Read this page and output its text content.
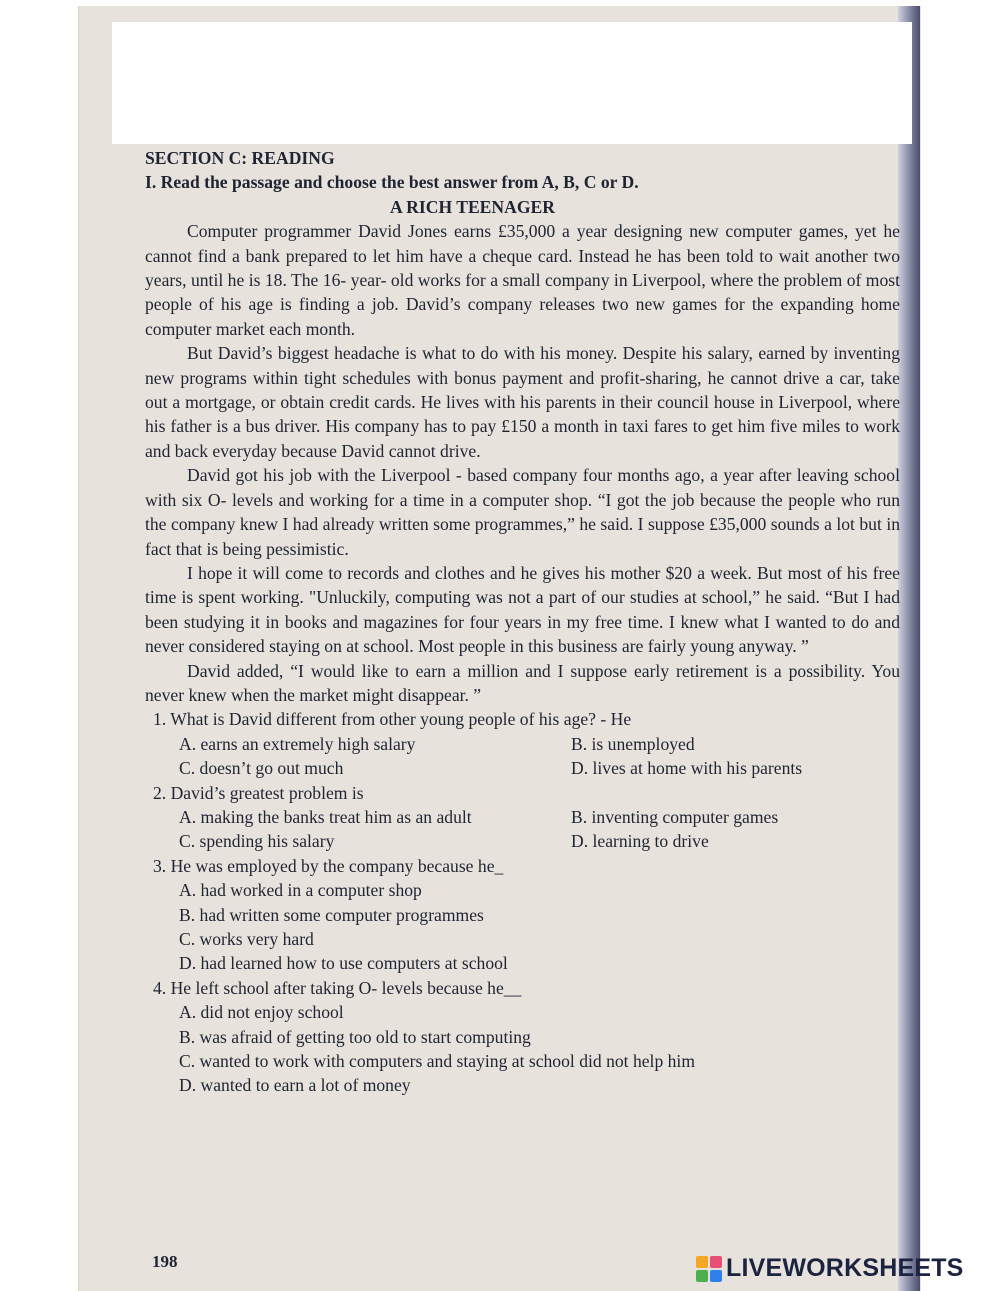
SECTION C: READING

I. Read the passage and choose the best answer from A, B, C or D.

A RICH TEENAGER

Computer programmer David Jones earns £35,000 a year designing new computer games, yet he cannot find a bank prepared to let him have a cheque card. Instead he has been told to wait another two years, until he is 18. The 16- year- old works for a small company in Liverpool, where the problem of most people of his age is finding a job. David’s company releases two new games for the expanding home computer market each month.

But David’s biggest headache is what to do with his money. Despite his salary, earned by inventing new programs within tight schedules with bonus payment and profit-sharing, he cannot drive a car, take out a mortgage, or obtain credit cards. He lives with his parents in their council house in Liverpool, where his father is a bus driver. His company has to pay £150 a month in taxi fares to get him five miles to work and back everyday because David cannot drive.

David got his job with the Liverpool - based company four months ago, a year after leaving school with six O- levels and working for a time in a computer shop. “I got the job because the people who run the company knew I had already written some programmes,” he said. I suppose £35,000 sounds a lot but in fact that is being pessimistic.

I hope it will come to records and clothes and he gives his mother $20 a week. But most of his free time is spent working. "Unluckily, computing was not a part of our studies at school,” he said. “But I had been studying it in books and magazines for four years in my free time. I knew what I wanted to do and never considered staying on at school. Most people in this business are fairly young anyway. ”

David added, “I would like to earn a million and I suppose early retirement is a possibility. You never knew when the market might disappear. ”

1. What is David different from other young people of his age? - He

A. earns an extremely high salary	B. is unemployed
C. doesn’t go out much	D. lives at home with his parents

2. David’s greatest problem is

A. making the banks treat him as an adult	B. inventing computer games
C. spending his salary	D. learning to drive

3. He was employed by the company because he_

A. had worked in a computer shop
B. had written some computer programmes
C. works very hard
D. had learned how to use computers at school

4. He left school after taking O- levels because he__

A. did not enjoy school
B. was afraid of getting too old to start computing
C. wanted to work with computers and staying at school did not help him
D. wanted to earn a lot of money
198	LIVEWORKSHEETS
